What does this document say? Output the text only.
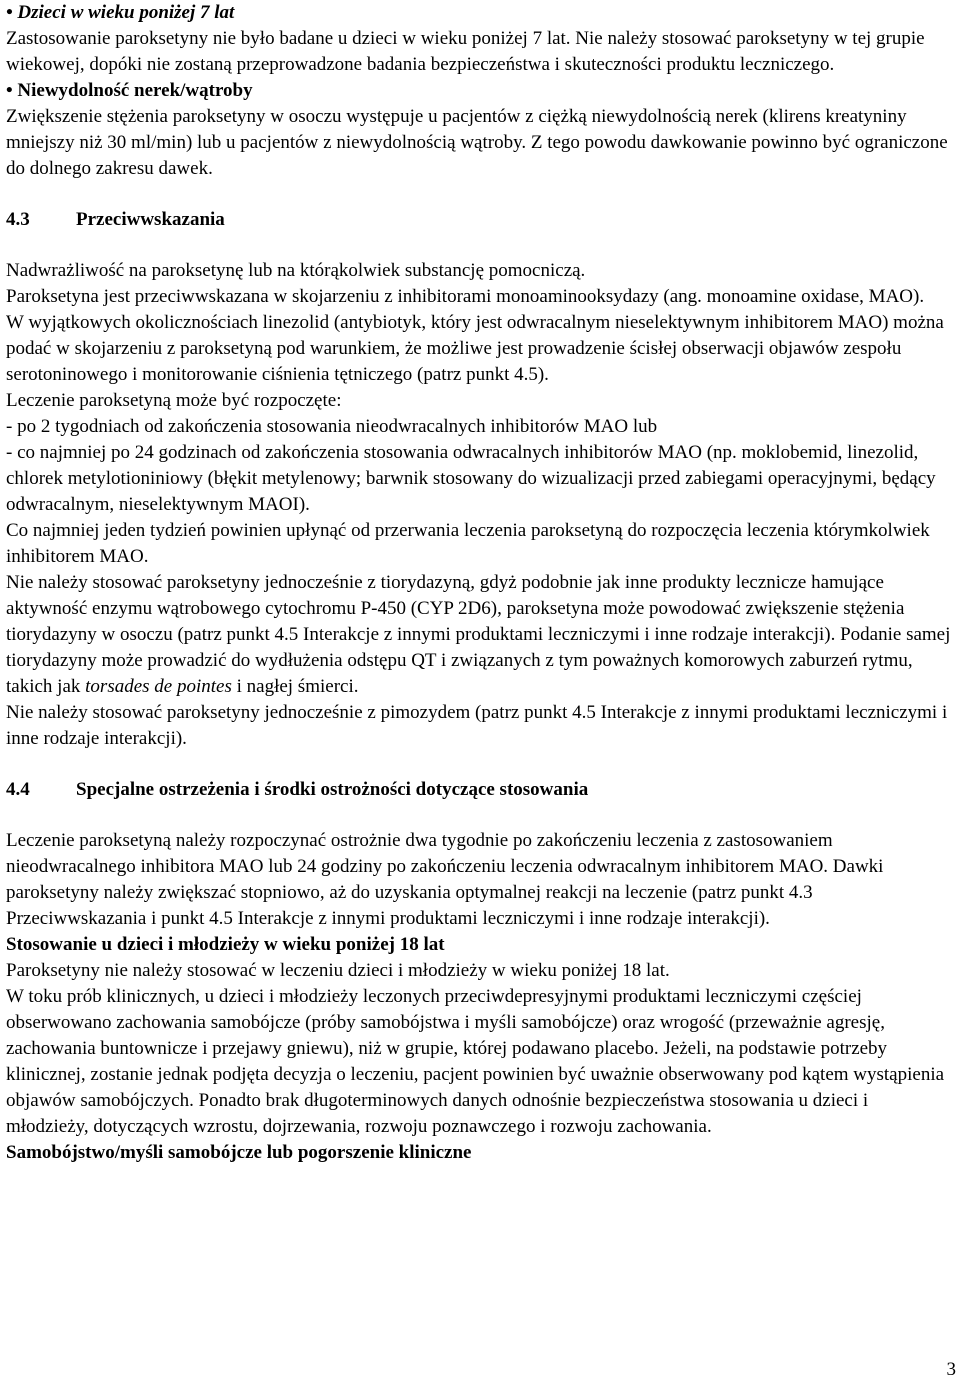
• Dzieci w wieku poniżej 7 lat

Zastosowanie paroksetyny nie było badane u dzieci w wieku poniżej 7 lat. Nie należy stosować paroksetyny w tej grupie wiekowej, dopóki nie zostaną przeprowadzone badania bezpieczeństwa i skuteczności produktu leczniczego.

• Niewydolność nerek/wątroby

Zwiększenie stężenia paroksetyny w osoczu występuje u pacjentów z ciężką niewydolnością nerek (klirens kreatyniny mniejszy niż 30 ml/min) lub u pacjentów z niewydolnością wątroby. Z tego powodu dawkowanie powinno być ograniczone do dolnego zakresu dawek.

4.3 Przeciwwskazania

Nadwrażliwość na paroksetynę lub na którąkolwiek substancję pomocniczą.

Paroksetyna jest przeciwwskazana w skojarzeniu z inhibitorami monoaminooksydazy (ang. monoamine oxidase, MAO).

W wyjątkowych okolicznościach linezolid (antybiotyk, który jest odwracalnym nieselektywnym inhibitorem MAO) można podać w skojarzeniu z paroksetyną pod warunkiem, że możliwe jest prowadzenie ścisłej obserwacji objawów zespołu serotoninowego i monitorowanie ciśnienia tętniczego (patrz punkt 4.5).

Leczenie paroksetyną może być rozpoczęte:

- po 2 tygodniach od zakończenia stosowania nieodwracalnych inhibitorów MAO lub

- co najmniej po 24 godzinach od zakończenia stosowania odwracalnych inhibitorów MAO (np. moklobemid, linezolid, chlorek metylotioniniowy (błękit metylenowy; barwnik stosowany do wizualizacji przed zabiegami operacyjnymi, będący odwracalnym, nieselektywnym MAOI).

Co najmniej jeden tydzień powinien upłynąć od przerwania leczenia paroksetyną do rozpoczęcia leczenia którymkolwiek inhibitorem MAO.

Nie należy stosować paroksetyny jednocześnie z tiorydazyną, gdyż podobnie jak inne produkty lecznicze hamujące aktywność enzymu wątrobowego cytochromu P-450 (CYP 2D6), paroksetyna może powodować zwiększenie stężenia tiorydazyny w osoczu (patrz punkt 4.5 Interakcje z innymi produktami leczniczymi i inne rodzaje interakcji). Podanie samej tiorydazyny może prowadzić do wydłużenia odstępu QT i związanych z tym poważnych komorowych zaburzeń rytmu, takich jak torsades de pointes i nagłej śmierci.

Nie należy stosować paroksetyny jednocześnie z pimozydem (patrz punkt 4.5 Interakcje z innymi produktami leczniczymi i inne rodzaje interakcji).

4.4 Specjalne ostrzeżenia i środki ostrożności dotyczące stosowania

Leczenie paroksetyną należy rozpoczynać ostrożnie dwa tygodnie po zakończeniu leczenia z zastosowaniem nieodwracalnego inhibitora MAO lub 24 godziny po zakończeniu leczenia odwracalnym inhibitorem MAO. Dawki paroksetyny należy zwiększać stopniowo, aż do uzyskania optymalnej reakcji na leczenie (patrz punkt 4.3 Przeciwwskazania i punkt 4.5 Interakcje z innymi produktami leczniczymi i inne rodzaje interakcji).

Stosowanie u dzieci i młodzieży w wieku poniżej 18 lat

Paroksetyny nie należy stosować w leczeniu dzieci i młodzieży w wieku poniżej 18 lat.

W toku prób klinicznych, u dzieci i młodzieży leczonych przeciwdepresyjnymi produktami leczniczymi częściej obserwowano zachowania samobójcze (próby samobójstwa i myśli samobójcze) oraz wrogość (przeważnie agresję, zachowania buntownicze i przejawy gniewu), niż w grupie, której podawano placebo. Jeżeli, na podstawie potrzeby klinicznej, zostanie jednak podjęta decyzja o leczeniu, pacjent powinien być uważnie obserwowany pod kątem wystąpienia objawów samobójczych. Ponadto brak długoterminowych danych odnośnie bezpieczeństwa stosowania u dzieci i młodzieży, dotyczących wzrostu, dojrzewania, rozwoju poznawczego i rozwoju zachowania.

Samobójstwo/myśli samobójcze lub pogorszenie kliniczne

3
